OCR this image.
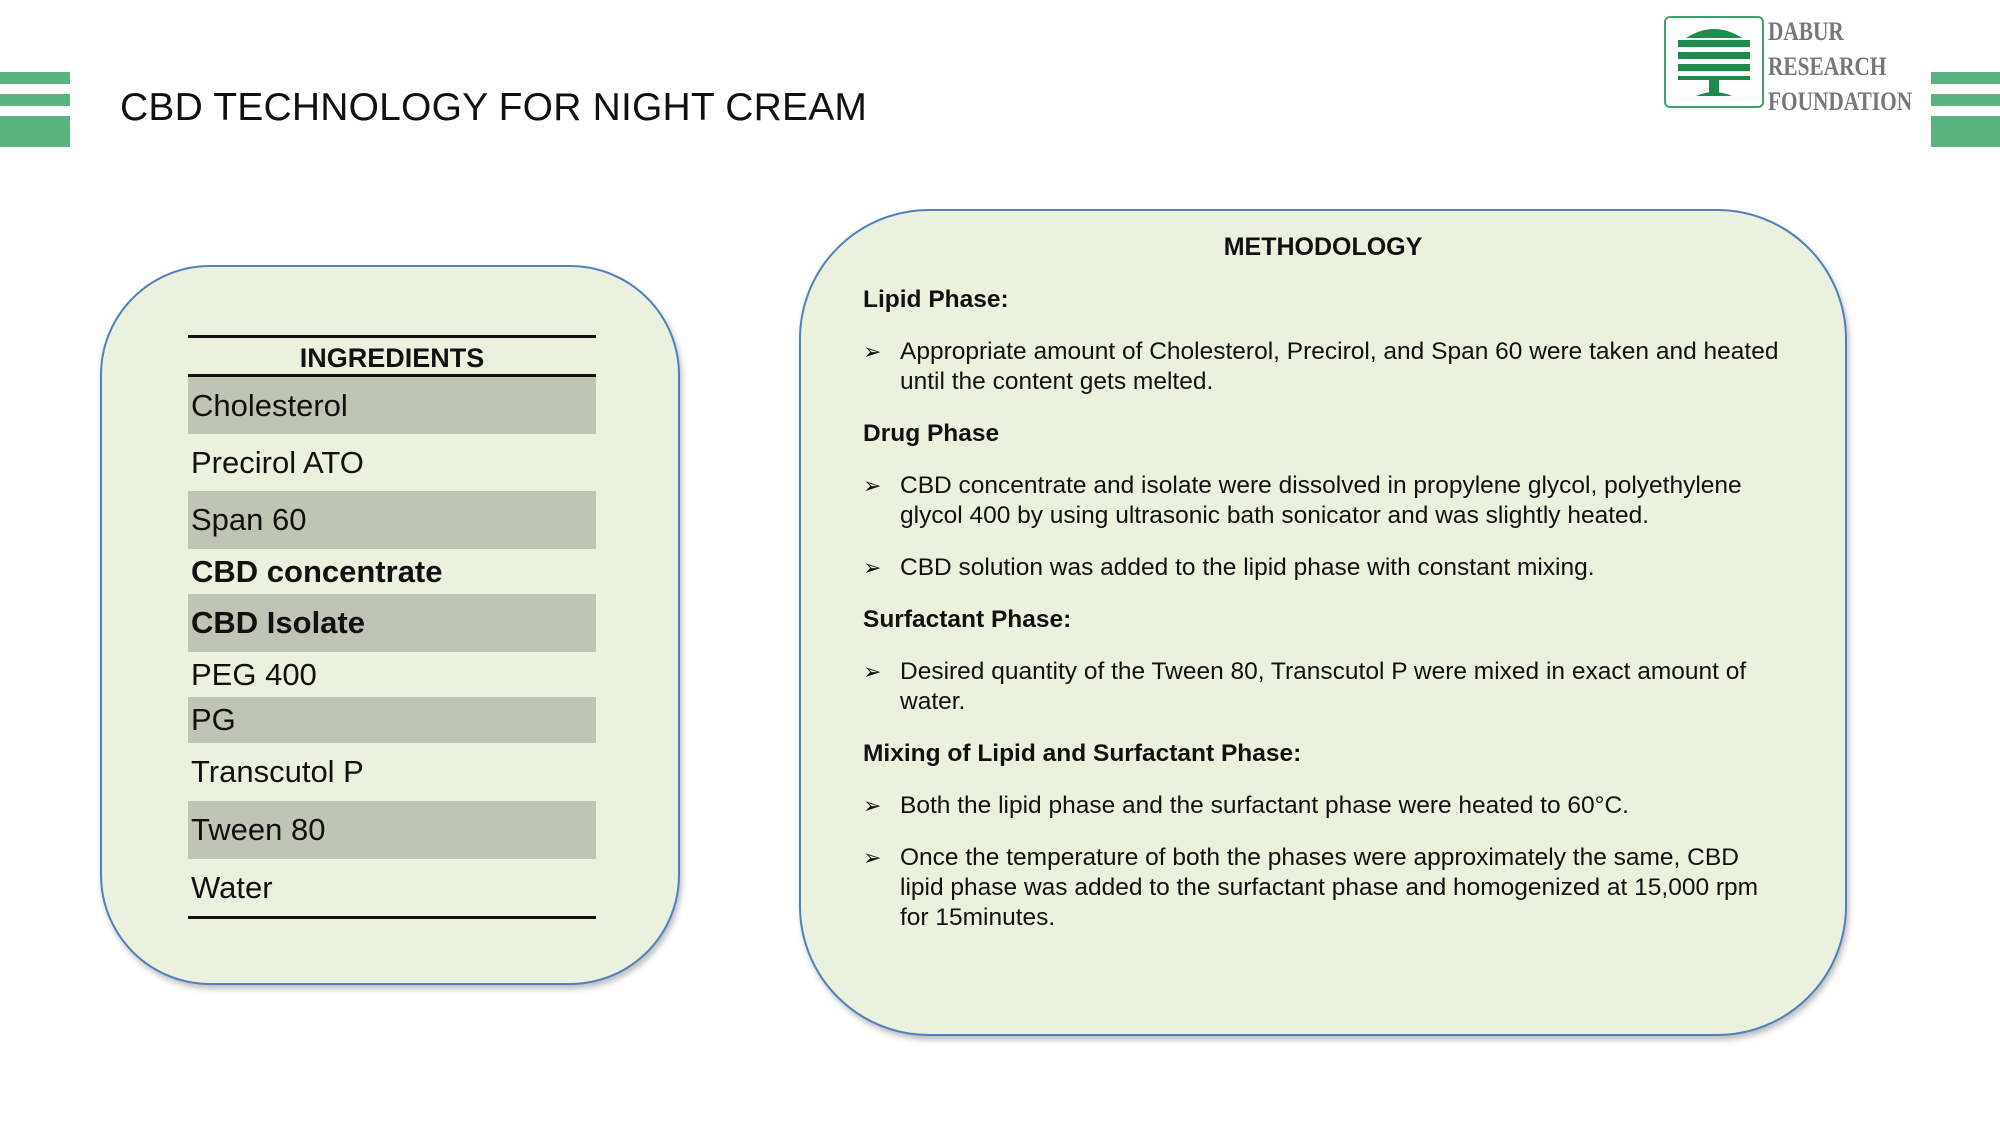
CBD TECHNOLOGY FOR NIGHT CREAM
DABUR
RESEARCH
FOUNDATION
INGREDIENTS
Cholesterol
Precirol ATO
Span 60
CBD concentrate
CBD Isolate
PEG 400
PG
Transcutol P
Tween 80
Water
METHODOLOGY

Lipid Phase:

➢ Appropriate amount of Cholesterol, Precirol, and Span 60 were taken and heated until the content gets melted.

Drug Phase

➢ CBD concentrate and isolate were dissolved in propylene glycol, polyethylene glycol 400 by using ultrasonic bath sonicator and was slightly heated.
➢ CBD solution was added to the lipid phase with constant mixing.

Surfactant Phase:

➢ Desired quantity of the Tween 80, Transcutol P were mixed in exact amount of water.

Mixing of Lipid and Surfactant Phase:

➢ Both the lipid phase and the surfactant phase were heated to 60°C.
➢ Once the temperature of both the phases were approximately the same, CBD lipid phase was added to the surfactant phase and homogenized at 15,000 rpm for 15minutes.
